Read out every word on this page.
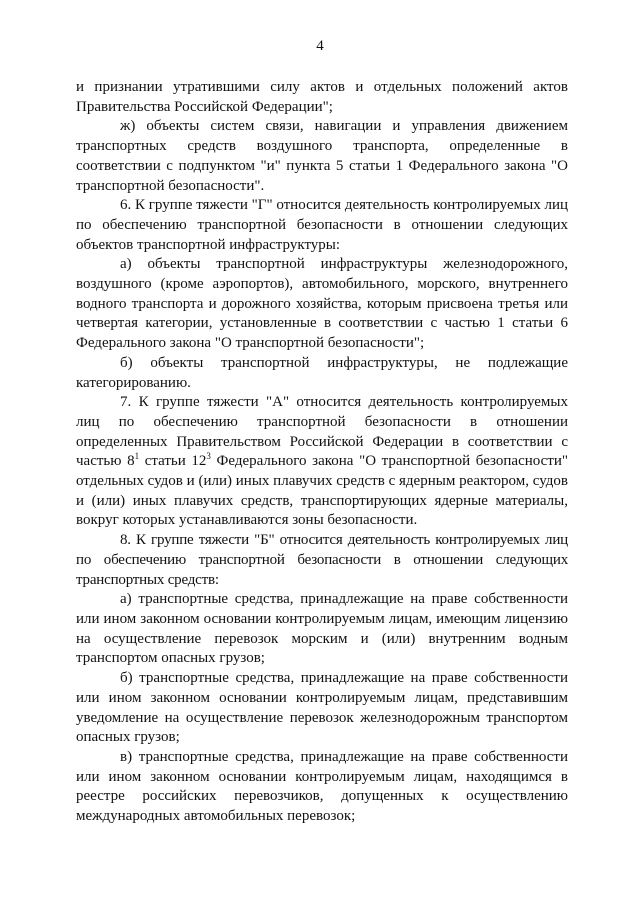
4

и признании утратившими силу актов и отдельных положений актов Правительства Российской Федерации";

ж) объекты систем связи, навигации и управления движением транспортных средств воздушного транспорта, определенные в соответствии с подпунктом "и" пункта 5 статьи 1 Федерального закона "О транспортной безопасности".

6. К группе тяжести "Г" относится деятельность контролируемых лиц по обеспечению транспортной безопасности в отношении следующих объектов транспортной инфраструктуры:

а) объекты транспортной инфраструктуры железнодорожного, воздушного (кроме аэропортов), автомобильного, морского, внутреннего водного транспорта и дорожного хозяйства, которым присвоена третья или четвертая категории, установленные в соответствии с частью 1 статьи 6 Федерального закона "О транспортной безопасности";

б) объекты транспортной инфраструктуры, не подлежащие категорированию.

7. К группе тяжести "А" относится деятельность контролируемых лиц по обеспечению транспортной безопасности в отношении определенных Правительством Российской Федерации в соответствии с частью $8^1$ статьи $12^3$ Федерального закона "О транспортной безопасности" отдельных судов и (или) иных плавучих средств с ядерным реактором, судов и (или) иных плавучих средств, транспортирующих ядерные материалы, вокруг которых устанавливаются зоны безопасности.

8. К группе тяжести "Б" относится деятельность контролируемых лиц по обеспечению транспортной безопасности в отношении следующих транспортных средств:

а) транспортные средства, принадлежащие на праве собственности или ином законном основании контролируемым лицам, имеющим лицензию на осуществление перевозок морским и (или) внутренним водным транспортом опасных грузов;

б) транспортные средства, принадлежащие на праве собственности или ином законном основании контролируемым лицам, представившим уведомление на осуществление перевозок железнодорожным транспортом опасных грузов;

в) транспортные средства, принадлежащие на праве собственности или ином законном основании контролируемым лицам, находящимся в реестре российских перевозчиков, допущенных к осуществлению международных автомобильных перевозок;
